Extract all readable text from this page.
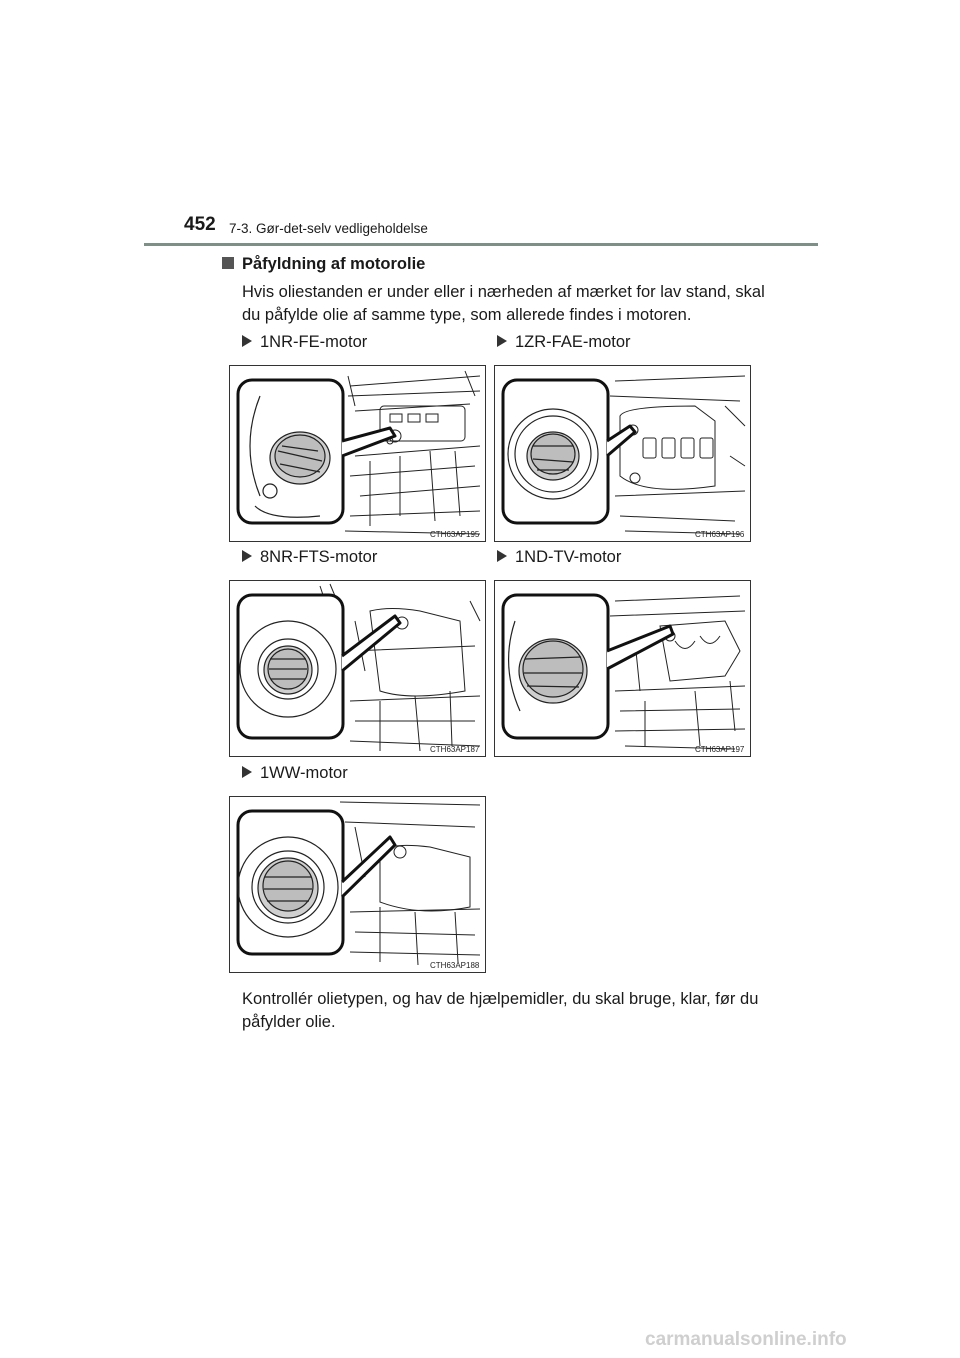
452 7-3. Gør-det-selv vedligeholdelse
Påfyldning af motorolie
Hvis oliestanden er under eller i nærheden af mærket for lav stand, skal du påfylde olie af samme type, som allerede findes i motoren.
1NR-FE-motor	1ZR-FAE-motor
8NR-FTS-motor	1ND-TV-motor
1WW-motor
CTH63AP195	CTH63AP196
CTH63AP187	CTH63AP197
CTH63AP188
Kontrollér olietypen, og hav de hjælpemidler, du skal bruge, klar, før du påfylder olie.
carmanualsonline.info
